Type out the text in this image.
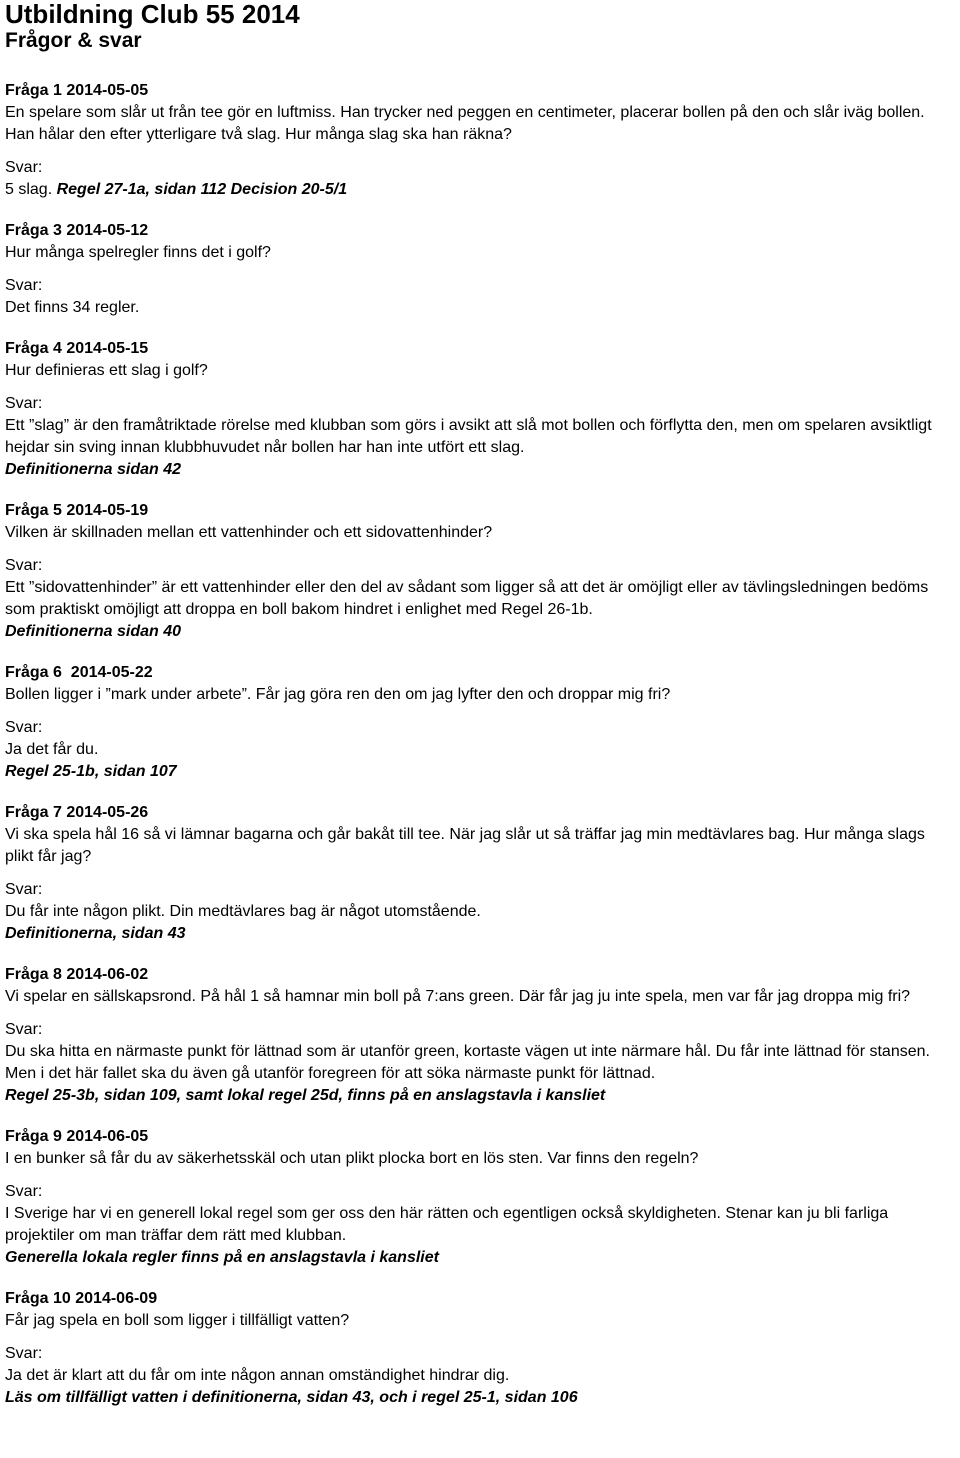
Utbildning Club 55 2014
Frågor & svar
Fråga 1 2014-05-05
En spelare som slår ut från tee gör en luftmiss. Han trycker ned peggen en centimeter, placerar bollen på den och slår iväg bollen. Han hålar den efter ytterligare två slag. Hur många slag ska han räkna?
Svar:
5 slag. Regel 27-1a, sidan 112 Decision 20-5/1
Fråga 3 2014-05-12
Hur många spelregler finns det i golf?
Svar:
Det finns 34 regler.
Fråga 4 2014-05-15
Hur definieras ett slag i golf?
Svar:
Ett ”slag” är den framåtriktade rörelse med klubban som görs i avsikt att slå mot bollen och förflytta den, men om spelaren avsiktligt hejdar sin sving innan klubbhuvudet når bollen har han inte utfört ett slag.
Definitionerna sidan 42
Fråga 5 2014-05-19
Vilken är skillnaden mellan ett vattenhinder och ett sidovattenhinder?
Svar:
Ett ”sidovattenhinder” är ett vattenhinder eller den del av sådant som ligger så att det är omöjligt eller av tävlingsledningen bedöms som praktiskt omöjligt att droppa en boll bakom hindret i enlighet med Regel 26-1b.
Definitionerna sidan 40
Fråga 6  2014-05-22
Bollen ligger i ”mark under arbete”. Får jag göra ren den om jag lyfter den och droppar mig fri?
Svar:
Ja det får du.
Regel 25-1b, sidan 107
Fråga 7 2014-05-26
Vi ska spela hål 16 så vi lämnar bagarna och går bakåt till tee. När jag slår ut så träffar jag min medtävlares bag. Hur många slags plikt får jag?
Svar:
Du får inte någon plikt. Din medtävlares bag är något utomstående.
Definitionerna, sidan 43
Fråga 8 2014-06-02
Vi spelar en sällskapsrond. På hål 1 så hamnar min boll på 7:ans green. Där får jag ju inte spela, men var får jag droppa mig fri?
Svar:
Du ska hitta en närmaste punkt för lättnad som är utanför green, kortaste vägen ut inte närmare hål. Du får inte lättnad för stansen. Men i det här fallet ska du även gå utanför foregreen för att söka närmaste punkt för lättnad.
Regel 25-3b, sidan 109, samt lokal regel 25d, finns på en anslagstavla i kansliet
Fråga 9 2014-06-05
I en bunker så får du av säkerhetsskäl och utan plikt plocka bort en lös sten. Var finns den regeln?
Svar:
I Sverige har vi en generell lokal regel som ger oss den här rätten och egentligen också skyldigheten. Stenar kan ju bli farliga projektiler om man träffar dem rätt med klubban.
Generella lokala regler finns på en anslagstavla i kansliet
Fråga 10 2014-06-09
Får jag spela en boll som ligger i tillfälligt vatten?
Svar:
Ja det är klart att du får om inte någon annan omständighet hindrar dig.
Läs om tillfälligt vatten i definitionerna, sidan 43, och i regel 25-1, sidan 106
